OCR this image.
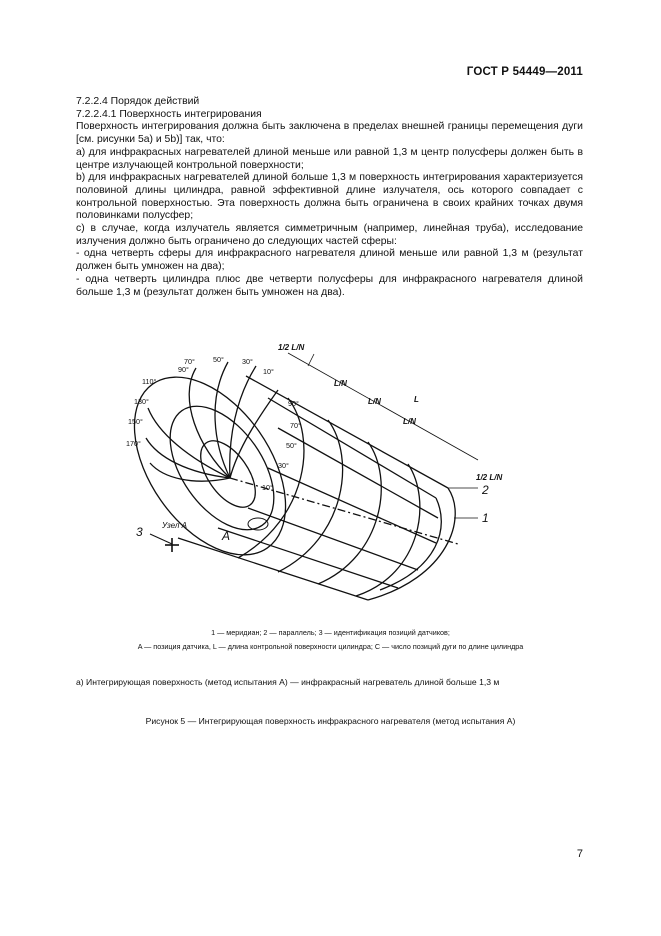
ГОСТ Р 54449—2011

7.2.2.4 Порядок действий

7.2.2.4.1 Поверхность интегрирования

Поверхность интегрирования должна быть заключена в пределах внешней границы перемещения дуги [см. рисунки 5а) и 5b)] так, что:

a) для инфракрасных нагревателей длиной меньше или равной 1,3 м центр полусферы должен быть в центре излучающей контрольной поверхности;

b) для инфракрасных нагревателей длиной больше 1,3 м поверхность интегрирования характеризуется половиной длины цилиндра, равной эффективной длине излучателя, ось которого совпадает с контрольной поверхностью. Эта поверхность должна быть ограничена в своих крайних точках двумя половинками полусфер;

c) в случае, когда излучатель является симметричным (например, линейная труба), исследование излучения должно быть ограничено до следующих частей сферы:

- одна четверть сферы для инфракрасного нагревателя длиной меньше или равной 1,3 м (результат должен быть умножен на два);

- одна четверть цилиндра плюс две четверти полусферы для инфракрасного нагревателя длиной больше 1,3 м (результат должен быть умножен на два).

90°
70°	50°	30°
10°
110°
130°
150°
170°
10°
30°
50°
70°
90°
1/2 L/N
L/N
L/N
L/N
L
1/2 L/N
1
2
3	A
Узел A
1 — меридиан; 2 — параллель; 3 — идентификация позиций датчиков;
A — позиция датчика, L — длина контрольной поверхности цилиндра; C — число позиций дуги по длине цилиндра
a) Интегрирующая поверхность (метод испытания A) — инфракрасный нагреватель длиной больше 1,3 м
Рисунок 5 — Интегрирующая поверхность инфракрасного нагревателя (метод испытания A)
7
